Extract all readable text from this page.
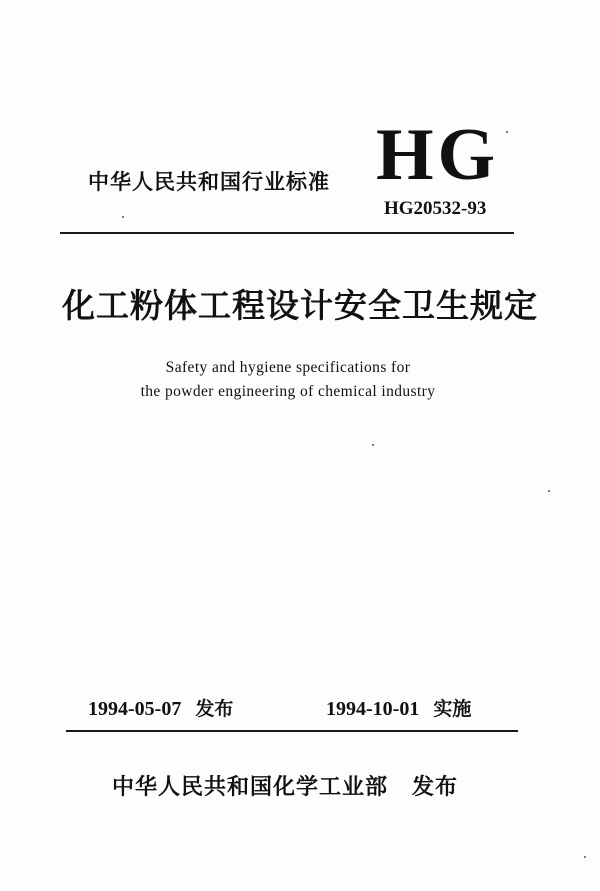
中华人民共和国行业标准 HG
HG20532-93
化工粉体工程设计安全卫生规定
Safety and hygiene specifications for
the powder engineering of chemical industry
1994-05-07 发布	1994-10-01 实施
中华人民共和国化学工业部 发布
